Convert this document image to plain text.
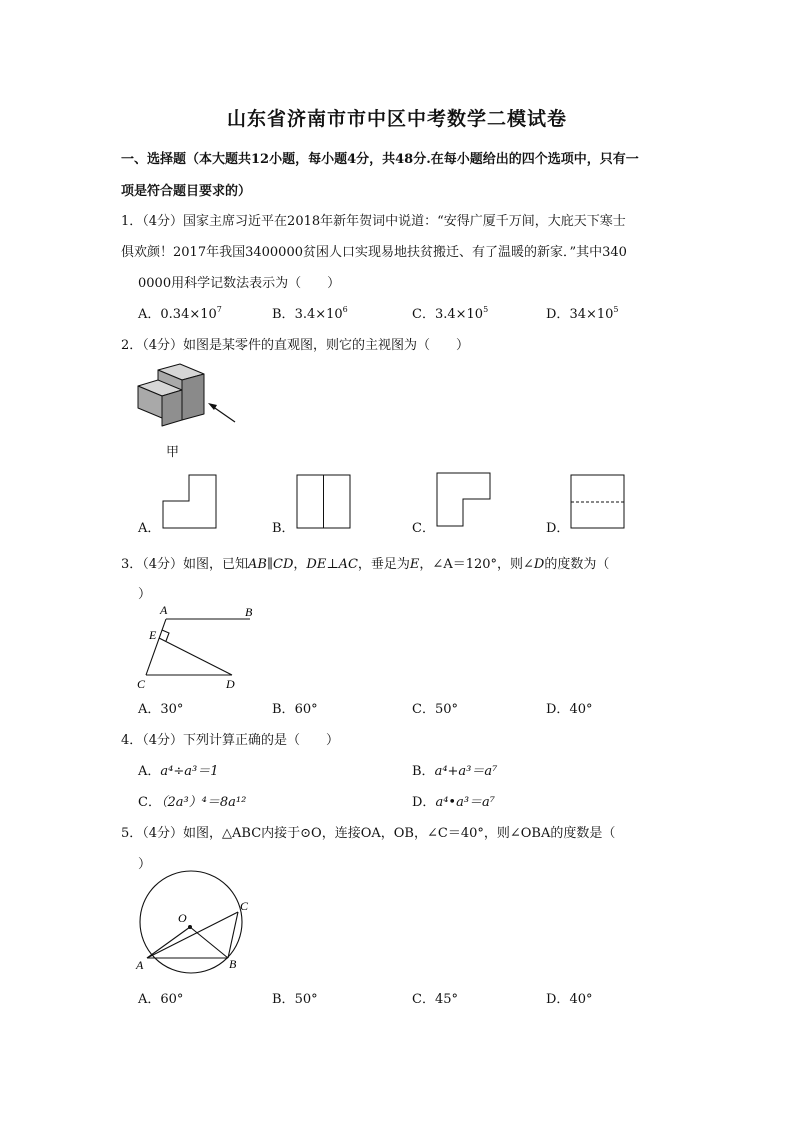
山东省济南市市中区中考数学二模试卷
一、选择题（本大题共12小题，每小题4分，共48分.在每小题给出的四个选项中，只有一
项是符合题目要求的）
1．（4分）国家主席习近平在2018年新年贺词中说道：“安得广厦千万间，大庇天下寒士
俱欢颜！2017年我国3400000贫困人口实现易地扶贫搬迁、有了温暖的新家．”其中340
0000用科学记数法表示为（　　）
A．$0.34\times 10^7$	B．$3.4\times 10^6$	C．$3.4\times 10^5$	D．$34\times 10^5$
2．（4分）如图是某零件的直观图，则它的主视图为（　　）
甲
A．	B．	C．	D．
3．（4分）如图，已知AB∥CD，DE⊥AC，垂足为E，∠A＝120°，则∠D的度数为（
）
A	B
E
C	D
A．30°	B．60°	C．50°	D．40°
4．（4分）下列计算正确的是（　　）
A．a⁴÷a³＝1	B．a⁴+a³＝a⁷
C．（2a³）⁴＝8a¹²	D．a⁴•a³＝a⁷
5．（4分）如图，△ABC内接于⊙O，连接OA，OB，∠C＝40°，则∠OBA的度数是（
）
O
A	B
C
A．60°	B．50°	C．45°	D．40°
